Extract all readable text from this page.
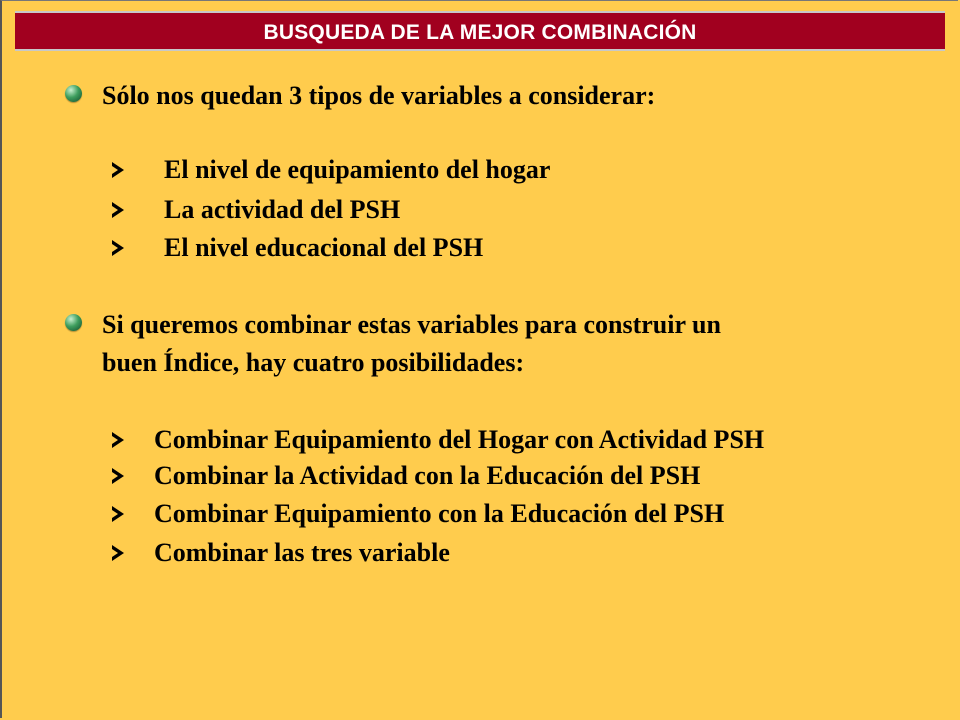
BUSQUEDA DE LA MEJOR COMBINACIÓN
Sólo nos quedan 3 tipos de variables a considerar:
El nivel de equipamiento del hogar
La actividad del PSH
El nivel educacional del PSH
Si queremos combinar estas variables para construir un
buen Índice, hay cuatro posibilidades:
Combinar Equipamiento del Hogar con Actividad PSH
Combinar la Actividad con la Educación del PSH
Combinar Equipamiento con la Educación del PSH
Combinar las tres variable
